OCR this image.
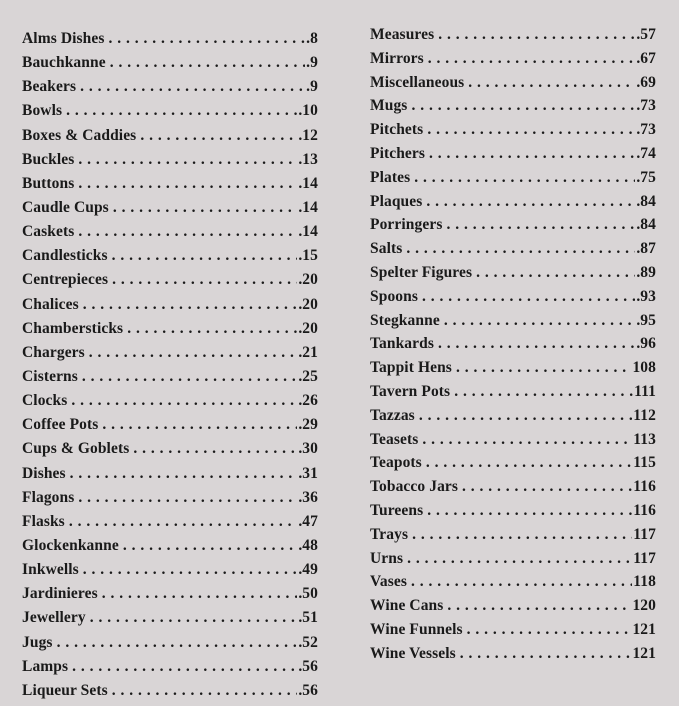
Alms Dishes . . .	.8
Bauchkanne . . .	.9
Beakers . . .	.9
Bowls . . .	.10
Boxes & Caddies . . .	.12
Buckles . . .	.13
Buttons . . .	.14
Caudle Cups . . .	.14
Caskets . . .	.14
Candlesticks . . .	.15
Centrepieces . . .	.20
Chalices . . .	.20
Chambersticks . . .	.20
Chargers . . .	.21
Cisterns . . .	.25
Clocks . . .	.26
Coffee Pots . . .	.29
Cups & Goblets . . .	.30
Dishes . . .	.31
Flagons . . .	.36
Flasks . . .	.47
Glockenkanne . . .	.48
Inkwells . . .	.49
Jardinieres . . .	.50
Jewellery . . .	.51
Jugs . . .	.52
Lamps . . .	.56
Liqueur Sets . . .	.56
Measures . . .	.57
Mirrors . . .	.67
Miscellaneous . . .	.69
Mugs . . .	.73
Pitchets . . .	.73
Pitchers . . .	.74
Plates . . .	.75
Plaques . . .	.84
Porringers . . .	.84
Salts . . .	.87
Spelter Figures . . .	.89
Spoons . . .	.93
Stegkanne . . .	.95
Tankards . . .	.96
Tappit Hens . . .	108
Tavern Pots . . .	111
Tazzas . . .	112
Teasets . . .	113
Teapots . . .	115
Tobacco Jars . . .	116
Tureens . . .	116
Trays . . .	117
Urns . . .	117
Vases . . .	118
Wine Cans . . .	120
Wine Funnels . . .	121
Wine Vessels . . .	121
